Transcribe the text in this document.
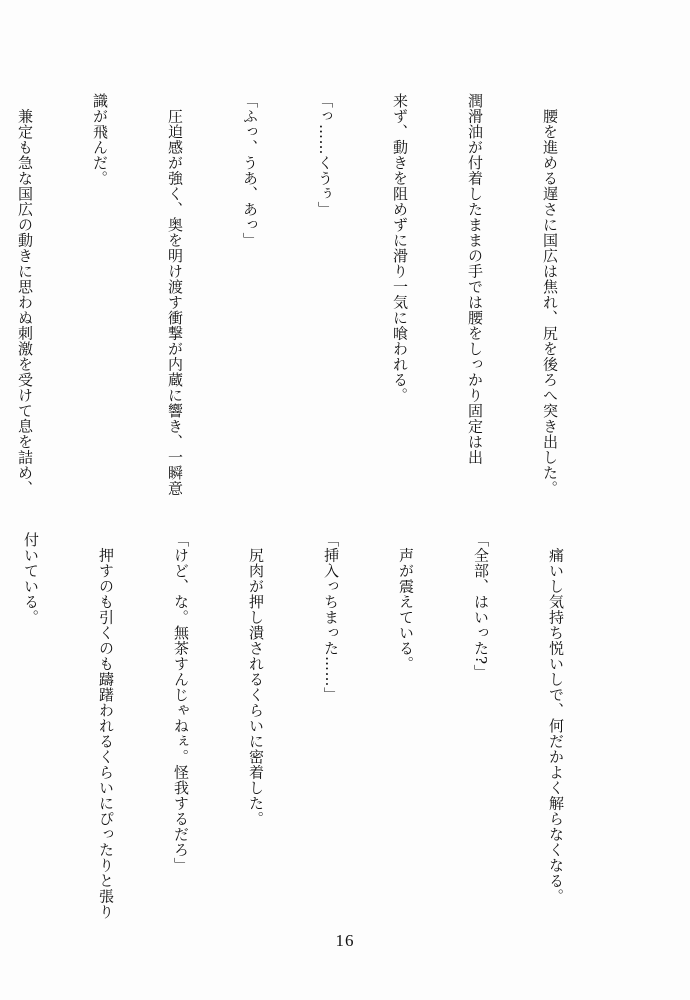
　腰を進める遅さに国広は焦れ、尻を後ろへ突き出した。

潤滑油が付着したままの手では腰をしっかり固定は出

来ず、動きを阻めずに滑り一気に喰われる。

「っ……くうぅ」

「ふっ、うあ、あっ」

　圧迫感が強く、奥を明け渡す衝撃が内蔵に響き、一瞬意

識が飛んだ。

　兼定も急な国広の動きに思わぬ刺激を受けて息を詰め、

　痛いし気持ち悦いしで、何だかよく解らなくなる。

「全部、はいった?」

　声が震えている。

「挿入っちまった……」

　尻肉が押し潰されるくらいに密着した。

「けど、な。無茶すんじゃねぇ。怪我するだろ」

　押すのも引くのも躊躇われるくらいにぴったりと張り

付いている。

16
